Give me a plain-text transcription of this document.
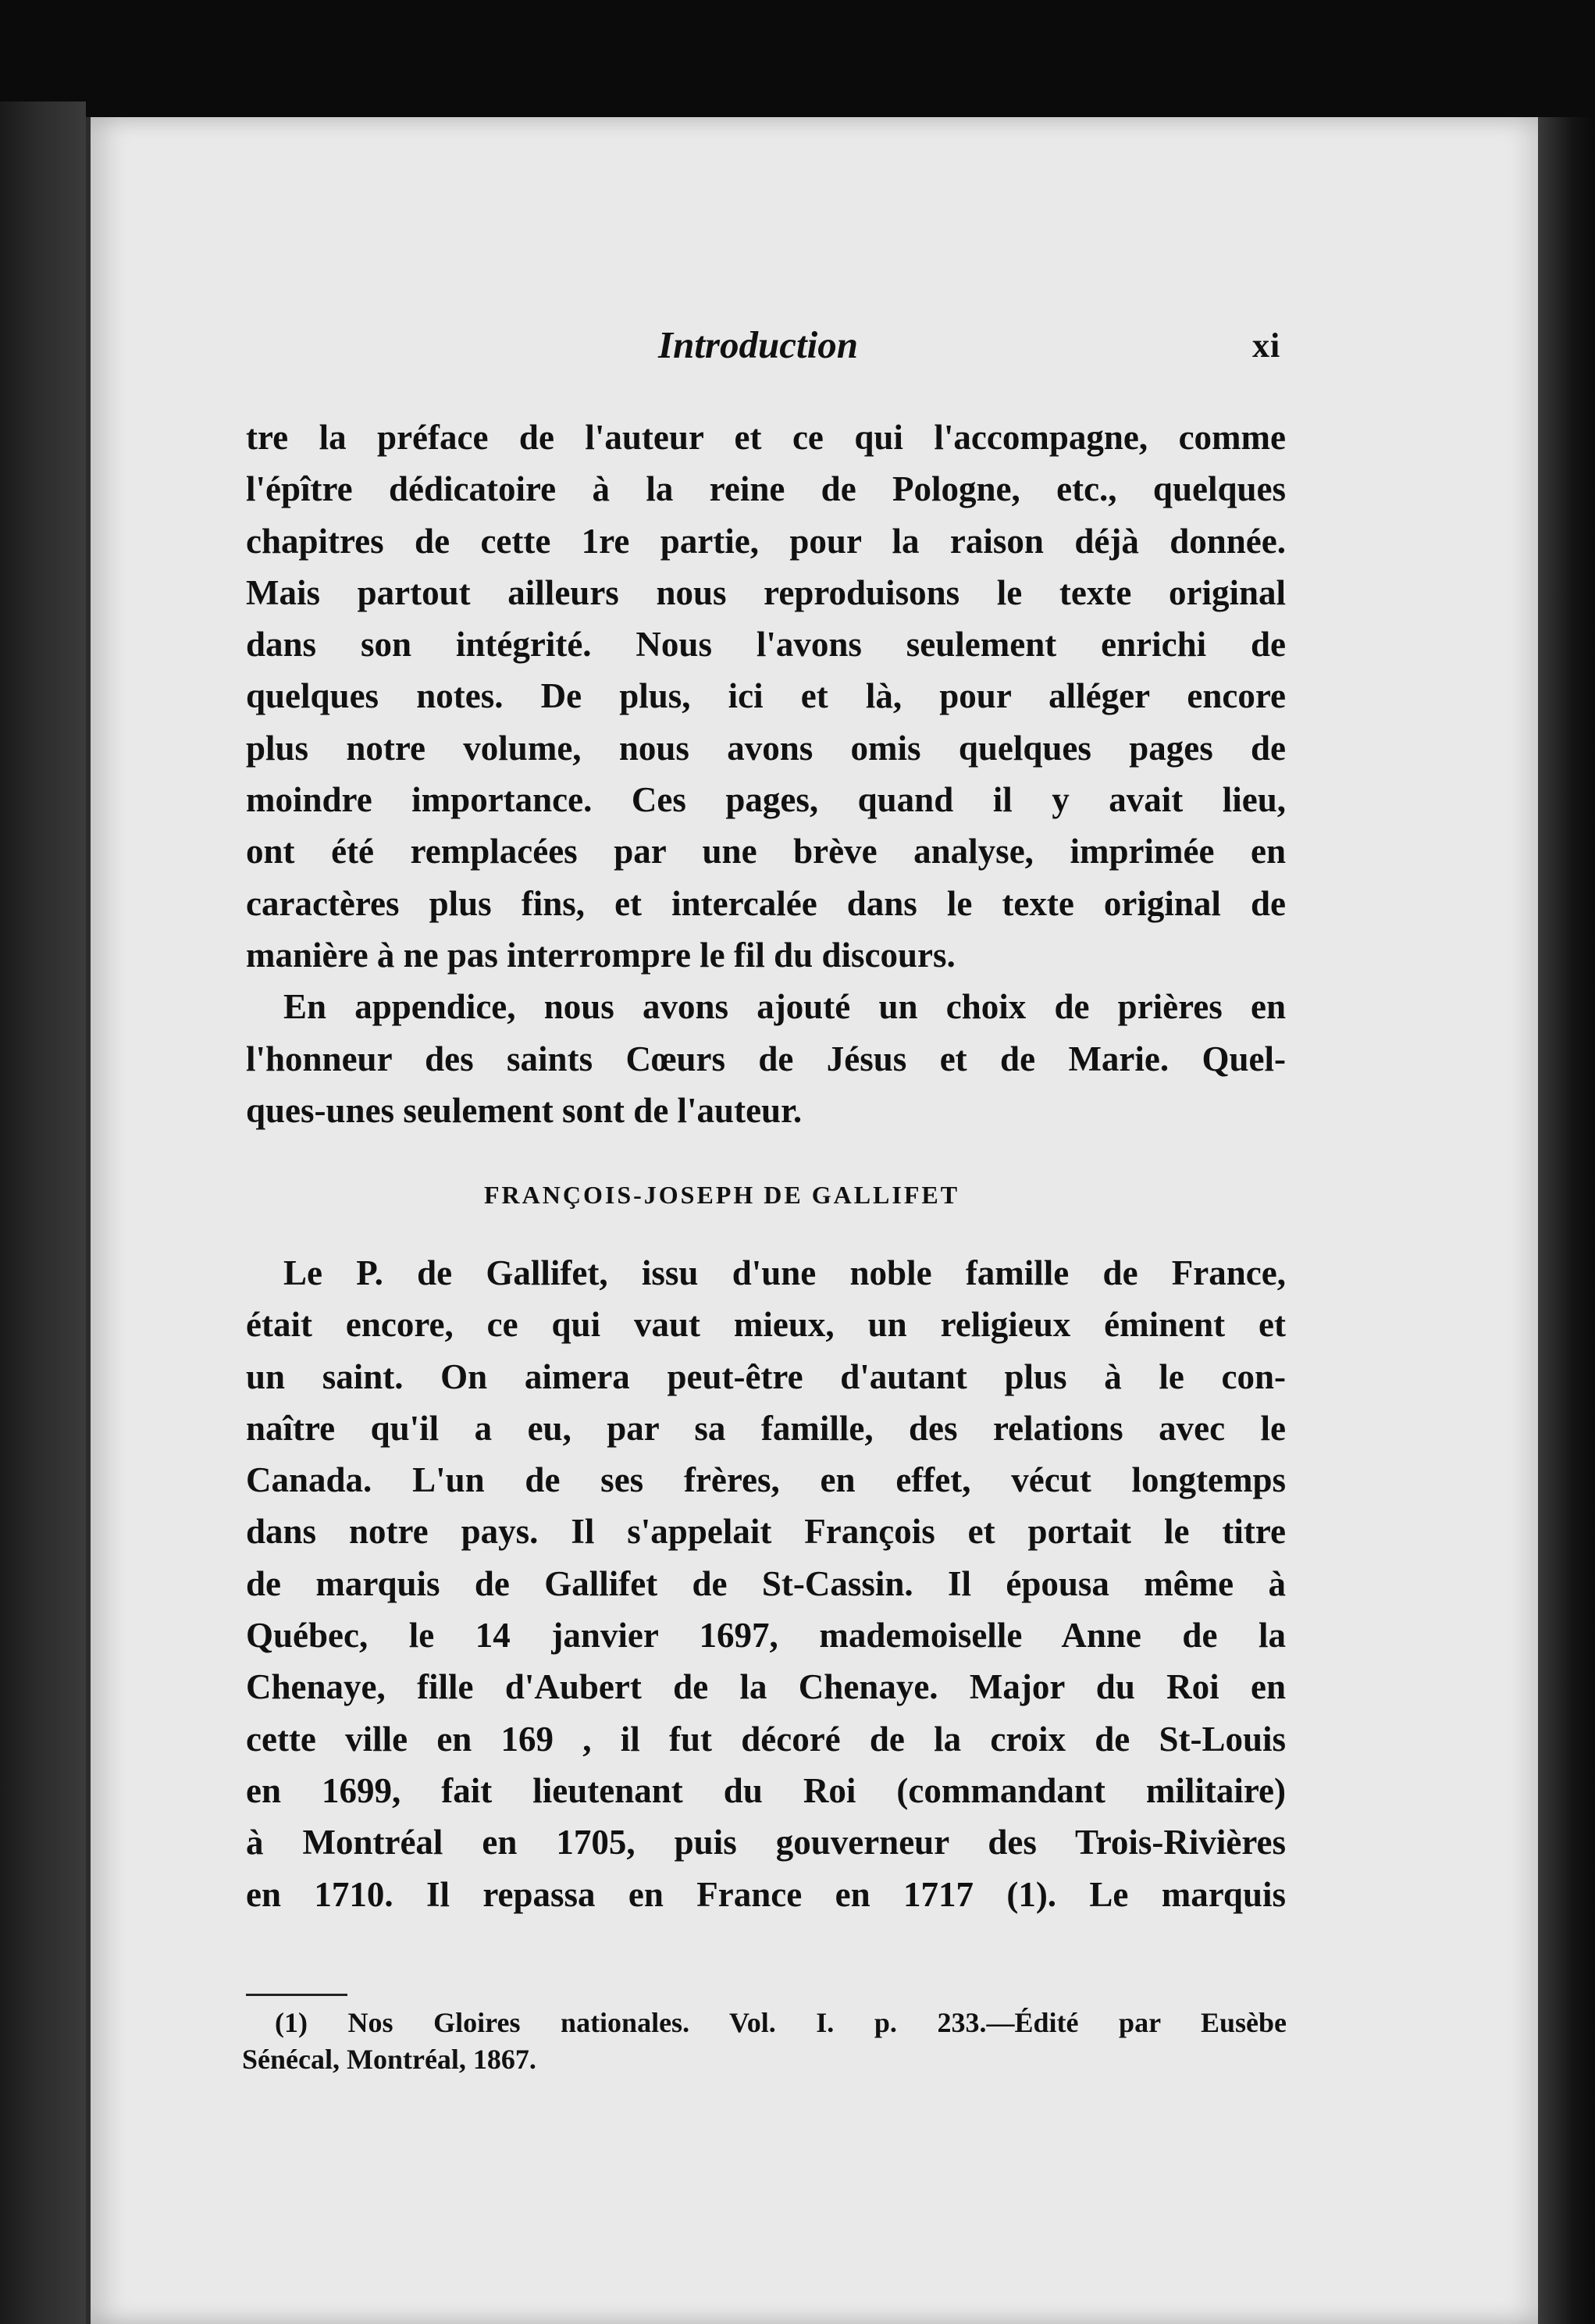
Introduction	xi
tre la préface de l'auteur et ce qui l'accompagne, comme
l'épître dédicatoire à la reine de Pologne, etc., quelques
chapitres de cette 1re partie, pour la raison déjà donnée.
Mais partout ailleurs nous reproduisons le texte original
dans son intégrité. Nous l'avons seulement enrichi de
quelques notes. De plus, ici et là, pour alléger encore
plus notre volume, nous avons omis quelques pages de
moindre importance. Ces pages, quand il y avait lieu,
ont été remplacées par une brève analyse, imprimée en
caractères plus fins, et intercalée dans le texte original de
manière à ne pas interrompre le fil du discours.
En appendice, nous avons ajouté un choix de prières en
l'honneur des saints Cœurs de Jésus et de Marie. Quel-
ques-unes seulement sont de l'auteur.
FRANÇOIS-JOSEPH DE GALLIFET
Le P. de Gallifet, issu d'une noble famille de France,
était encore, ce qui vaut mieux, un religieux éminent et
un saint. On aimera peut-être d'autant plus à le con-
naître qu'il a eu, par sa famille, des relations avec le
Canada. L'un de ses frères, en effet, vécut longtemps
dans notre pays. Il s'appelait François et portait le titre
de marquis de Gallifet de St-Cassin. Il épousa même à
Québec, le 14 janvier 1697, mademoiselle Anne de la
Chenaye, fille d'Aubert de la Chenaye. Major du Roi en
cette ville en 169 , il fut décoré de la croix de St-Louis
en 1699, fait lieutenant du Roi (commandant militaire)
à Montréal en 1705, puis gouverneur des Trois-Rivières
en 1710. Il repassa en France en 1717 (1). Le marquis
(1) Nos Gloires nationales. Vol. I. p. 233.—Édité par Eusèbe
Sénécal, Montréal, 1867.
